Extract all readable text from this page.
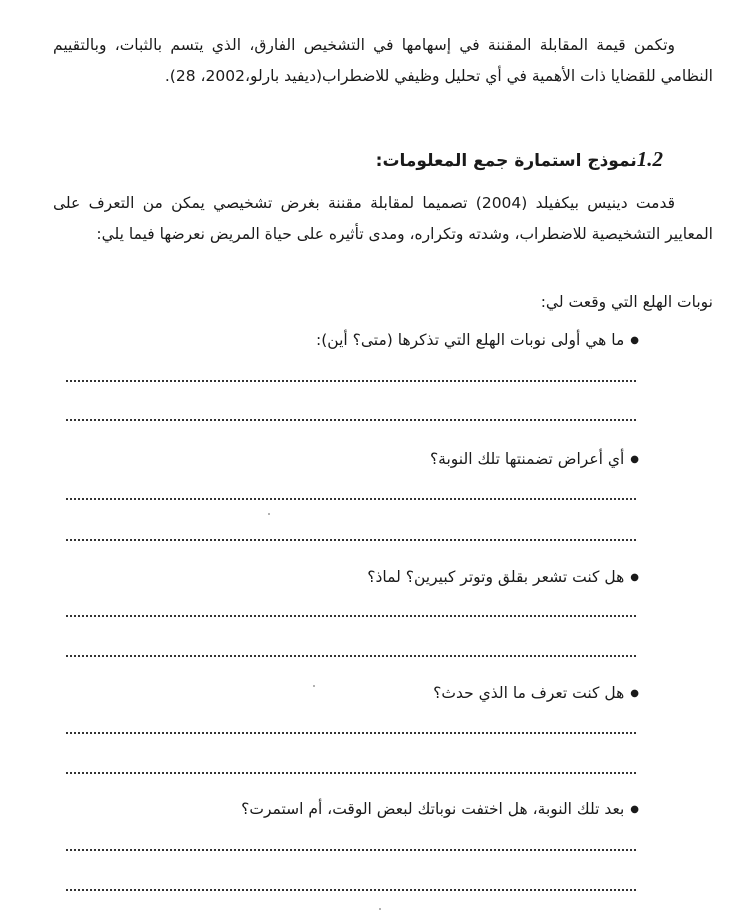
وتكمن قيمة المقابلة المقننة في إسهامها في التشخيص الفارق، الذي يتسم بالثبات، وبالتقييم النظامي للقضايا ذات الأهمية في أي تحليل وظيفي للاضطراب(ديفيد بارلو،2002، 28).

1.2نموذج استمارة جمع المعلومات:

قدمت دينيس بيكفيلد (2004) تصميما لمقابلة مقننة بغرض تشخيصي يمكن من التعرف على المعايير التشخيصية للاضطراب، وشدته وتكراره، ومدى تأثيره على حياة المريض نعرضها فيما يلي:

نوبات الهلع التي وقعت لي:

●ما هي أولى نوبات الهلع التي تذكرها (متى؟ أين):

●أي أعراض تضمنتها تلك النوبة؟

●هل كنت تشعر بقلق وتوتر كبيرين؟ لماذ؟

●هل كنت تعرف ما الذي حدث؟

●بعد تلك النوبة، هل اختفت نوباتك لبعض الوقت، أم استمرت؟
